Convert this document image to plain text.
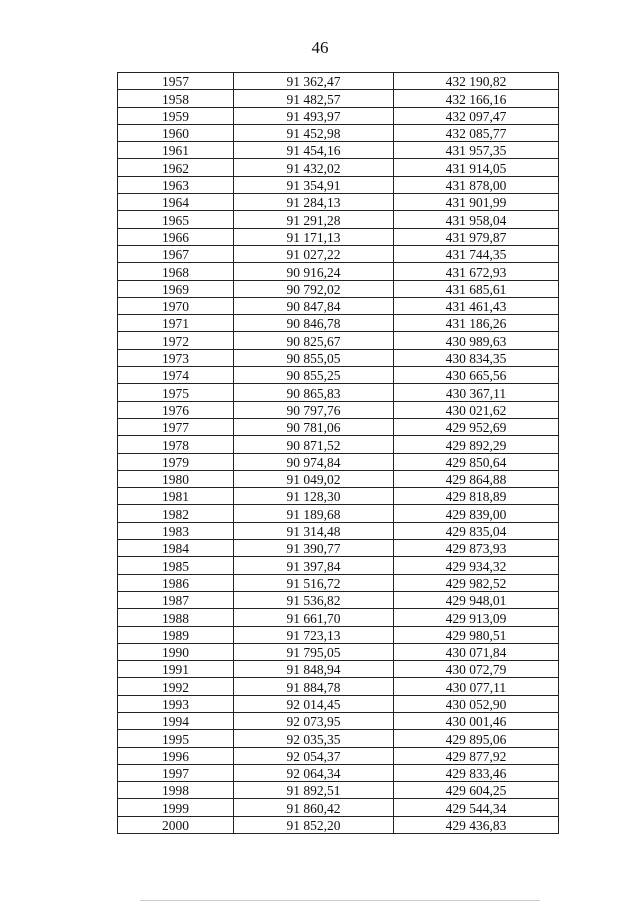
46
1957	91 362,47	432 190,82
1958	91 482,57	432 166,16
1959	91 493,97	432 097,47
1960	91 452,98	432 085,77
1961	91 454,16	431 957,35
1962	91 432,02	431 914,05
1963	91 354,91	431 878,00
1964	91 284,13	431 901,99
1965	91 291,28	431 958,04
1966	91 171,13	431 979,87
1967	91 027,22	431 744,35
1968	90 916,24	431 672,93
1969	90 792,02	431 685,61
1970	90 847,84	431 461,43
1971	90 846,78	431 186,26
1972	90 825,67	430 989,63
1973	90 855,05	430 834,35
1974	90 855,25	430 665,56
1975	90 865,83	430 367,11
1976	90 797,76	430 021,62
1977	90 781,06	429 952,69
1978	90 871,52	429 892,29
1979	90 974,84	429 850,64
1980	91 049,02	429 864,88
1981	91 128,30	429 818,89
1982	91 189,68	429 839,00
1983	91 314,48	429 835,04
1984	91 390,77	429 873,93
1985	91 397,84	429 934,32
1986	91 516,72	429 982,52
1987	91 536,82	429 948,01
1988	91 661,70	429 913,09
1989	91 723,13	429 980,51
1990	91 795,05	430 071,84
1991	91 848,94	430 072,79
1992	91 884,78	430 077,11
1993	92 014,45	430 052,90
1994	92 073,95	430 001,46
1995	92 035,35	429 895,06
1996	92 054,37	429 877,92
1997	92 064,34	429 833,46
1998	91 892,51	429 604,25
1999	91 860,42	429 544,34
2000	91 852,20	429 436,83
